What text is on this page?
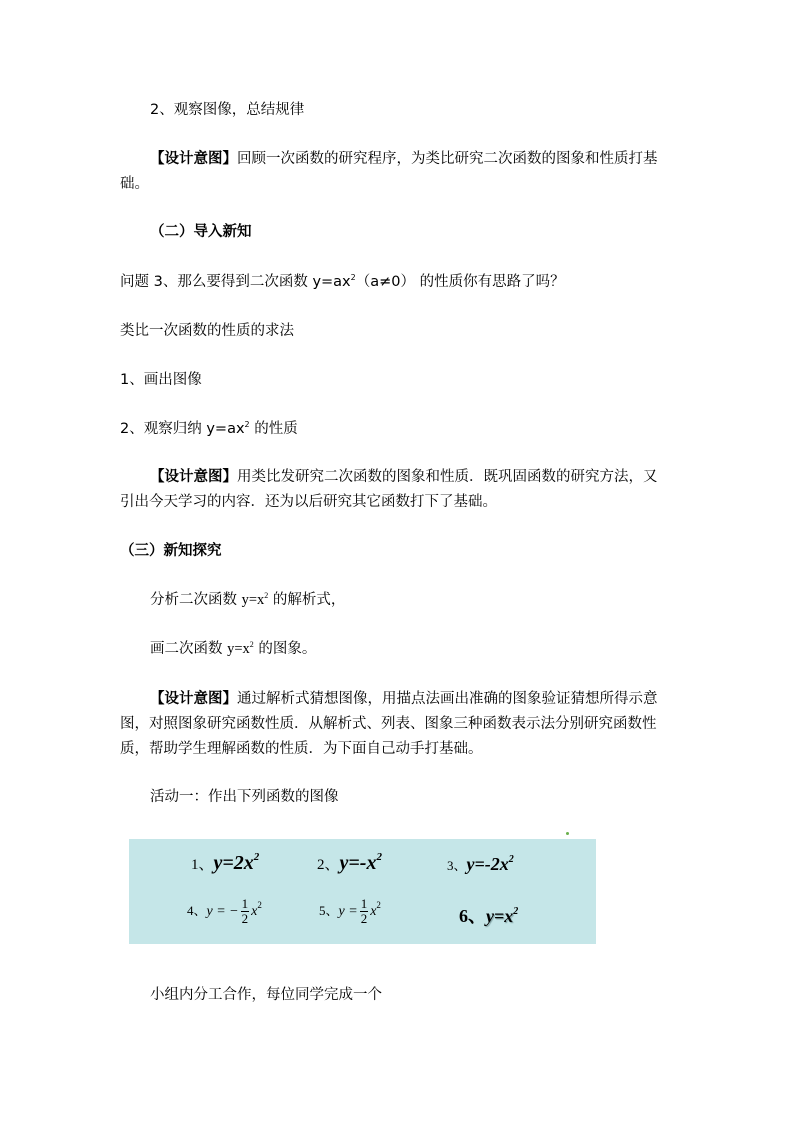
2、观察图像，总结规律
【设计意图】回顾一次函数的研究程序，为类比研究二次函数的图象和性质打基础。
（二）导入新知
问题 3、那么要得到二次函数 $y=ax^2(a\ne 0)$ 的性质你有思路了吗？
类比一次函数的性质的求法
1、画出图像
2、观察归纳 $y=ax^2$ 的性质
【设计意图】用类比发研究二次函数的图象和性质．既巩固函数的研究方法，又引出今天学习的内容．还为以后研究其它函数打下了基础。
（三）新知探究
分析二次函数 $y=x^2$ 的解析式，
画二次函数 $y=x^2$ 的图象。
【设计意图】通过解析式猜想图像，用描点法画出准确的图象验证猜想所得示意图，对照图象研究函数性质．从解析式、列表、图象三种函数表示法分别研究函数性质，帮助学生理解函数的性质．为下面自己动手打基础。
活动一：作出下列函数的图像
1、$y=2x^2$	2、$y=-x^2$
3、$y=-2x^2$
4、y = − $\frac{1}{2} x^2$	5、$y = \frac{1}{2} x^2$
6、$y=x^2$
小组内分工合作，每位同学完成一个
